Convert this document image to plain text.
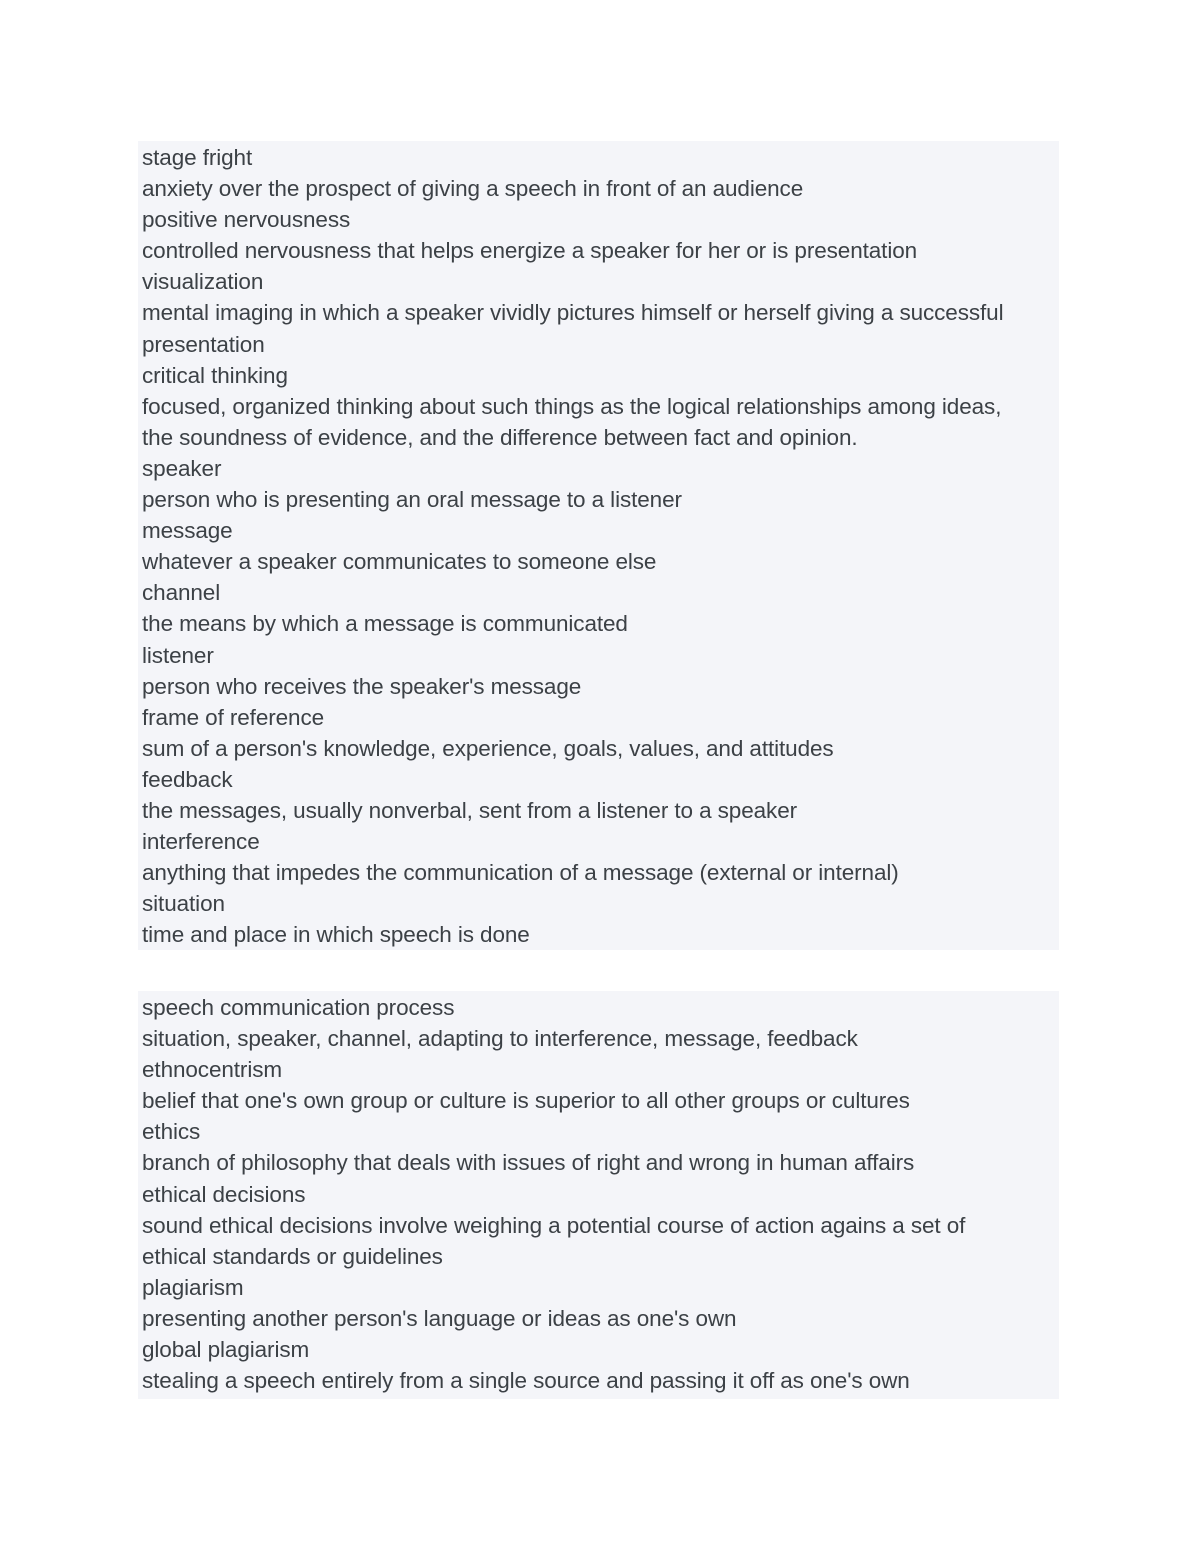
stage fright
anxiety over the prospect of giving a speech in front of an audience
positive nervousness
controlled nervousness that helps energize a speaker for her or is presentation
visualization
mental imaging in which a speaker vividly pictures himself or herself giving a successful
presentation
critical thinking
focused, organized thinking about such things as the logical relationships among ideas,
the soundness of evidence, and the difference between fact and opinion.
speaker
person who is presenting an oral message to a listener
message
whatever a speaker communicates to someone else
channel
the means by which a message is communicated
listener
person who receives the speaker's message
frame of reference
sum of a person's knowledge, experience, goals, values, and attitudes
feedback
the messages, usually nonverbal, sent from a listener to a speaker
interference
anything that impedes the communication of a message (external or internal)
situation
time and place in which speech is done
speech communication process
situation, speaker, channel, adapting to interference, message, feedback
ethnocentrism
belief that one's own group or culture is superior to all other groups or cultures
ethics
branch of philosophy that deals with issues of right and wrong in human affairs
ethical decisions
sound ethical decisions involve weighing a potential course of action agains a set of
ethical standards or guidelines
plagiarism
presenting another person's language or ideas as one's own
global plagiarism
stealing a speech entirely from a single source and passing it off as one's own
